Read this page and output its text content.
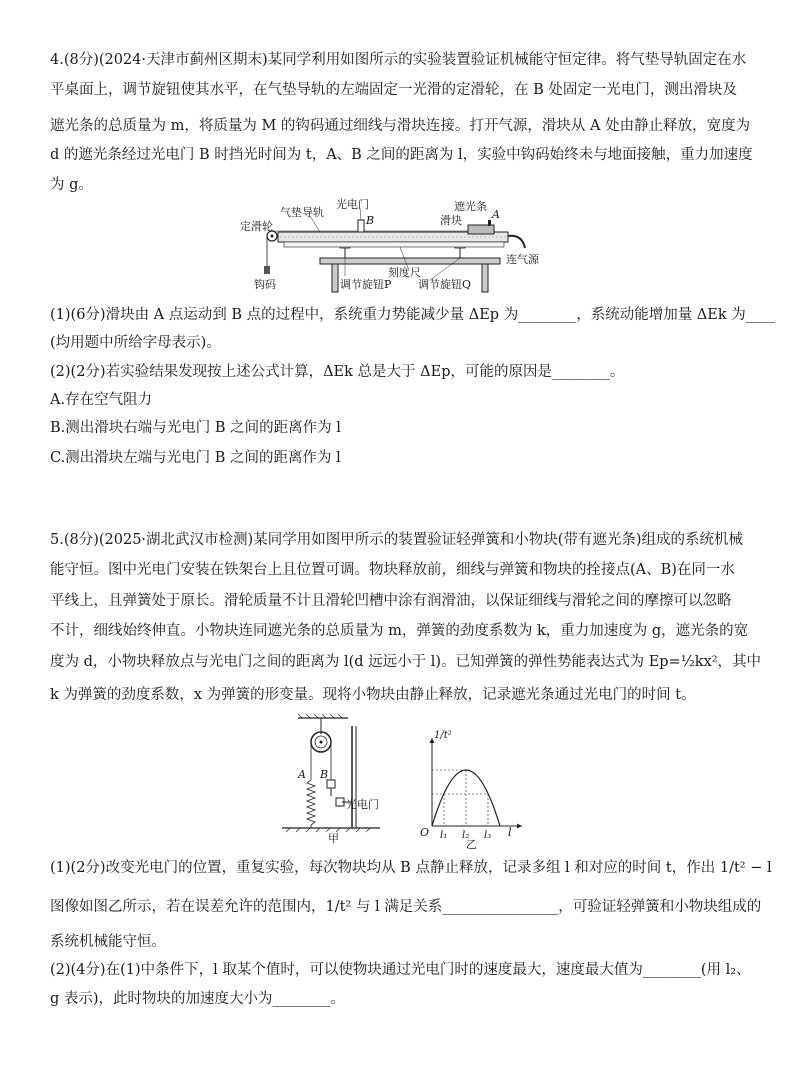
4.(8分)(2024·天津市蓟州区期末)某同学利用如图所示的实验装置验证机械能守恒定律。将气垫导轨固定在水
平桌面上，调节旋钮使其水平，在气垫导轨的左端固定一光滑的定滑轮，在 B 处固定一光电门，测出滑块及
遮光条的总质量为 m，将质量为 M 的钩码通过细线与滑块连接。打开气源，滑块从 A 处由静止释放，宽度为
d 的遮光条经过光电门 B 时挡光时间为 t，A、B 之间的距离为 l，实验中钩码始终未与地面接触，重力加速度
为 g。
气垫导轨
光电门
B
遮光条
滑块	A
定滑轮
连气源
钩码
刻度尺
调节旋钮P 调节旋钮Q
(1)(6分)滑块由 A 点运动到 B 点的过程中，系统重力势能减少量 ΔEp 为________，系统动能增加量 ΔEk 为____
(均用题中所给字母表示)。
(2)(2分)若实验结果发现按上述公式计算，ΔEk 总是大于 ΔEp，可能的原因是________。
A.存在空气阻力
B.测出滑块右端与光电门 B 之间的距离作为 l
C.测出滑块左端与光电门 B 之间的距离作为 l
5.(8分)(2025·湖北武汉市检测)某同学用如图甲所示的装置验证轻弹簧和小物块(带有遮光条)组成的系统机械
能守恒。图中光电门安装在铁架台上且位置可调。物块释放前，细线与弹簧和物块的拴接点(A、B)在同一水
平线上，且弹簧处于原长。滑轮质量不计且滑轮凹槽中涂有润滑油，以保证细线与滑轮之间的摩擦可以忽略
不计，细线始终伸直。小物块连同遮光条的总质量为 m，弹簧的劲度系数为 k，重力加速度为 g，遮光条的宽
度为 d，小物块释放点与光电门之间的距离为 l(d 远远小于 l)。已知弹簧的弹性势能表达式为 Ep=½kx²，其中
k 为弹簧的劲度系数，x 为弹簧的形变量。现将小物块由静止释放，记录遮光条通过光电门的时间 t。
A B
光电门
甲	O l₁ l₂ l₃ l
1/t²
乙
(1)(2分)改变光电门的位置，重复实验，每次物块均从 B 点静止释放，记录多组 l 和对应的时间 t，作出 1/t² − l
图像如图乙所示，若在误差允许的范围内，1/t² 与 l 满足关系________________，可验证轻弹簧和小物块组成的
系统机械能守恒。
(2)(4分)在(1)中条件下，l 取某个值时，可以使物块通过光电门时的速度最大，速度最大值为________(用 l₂、
g 表示)，此时物块的加速度大小为________。
